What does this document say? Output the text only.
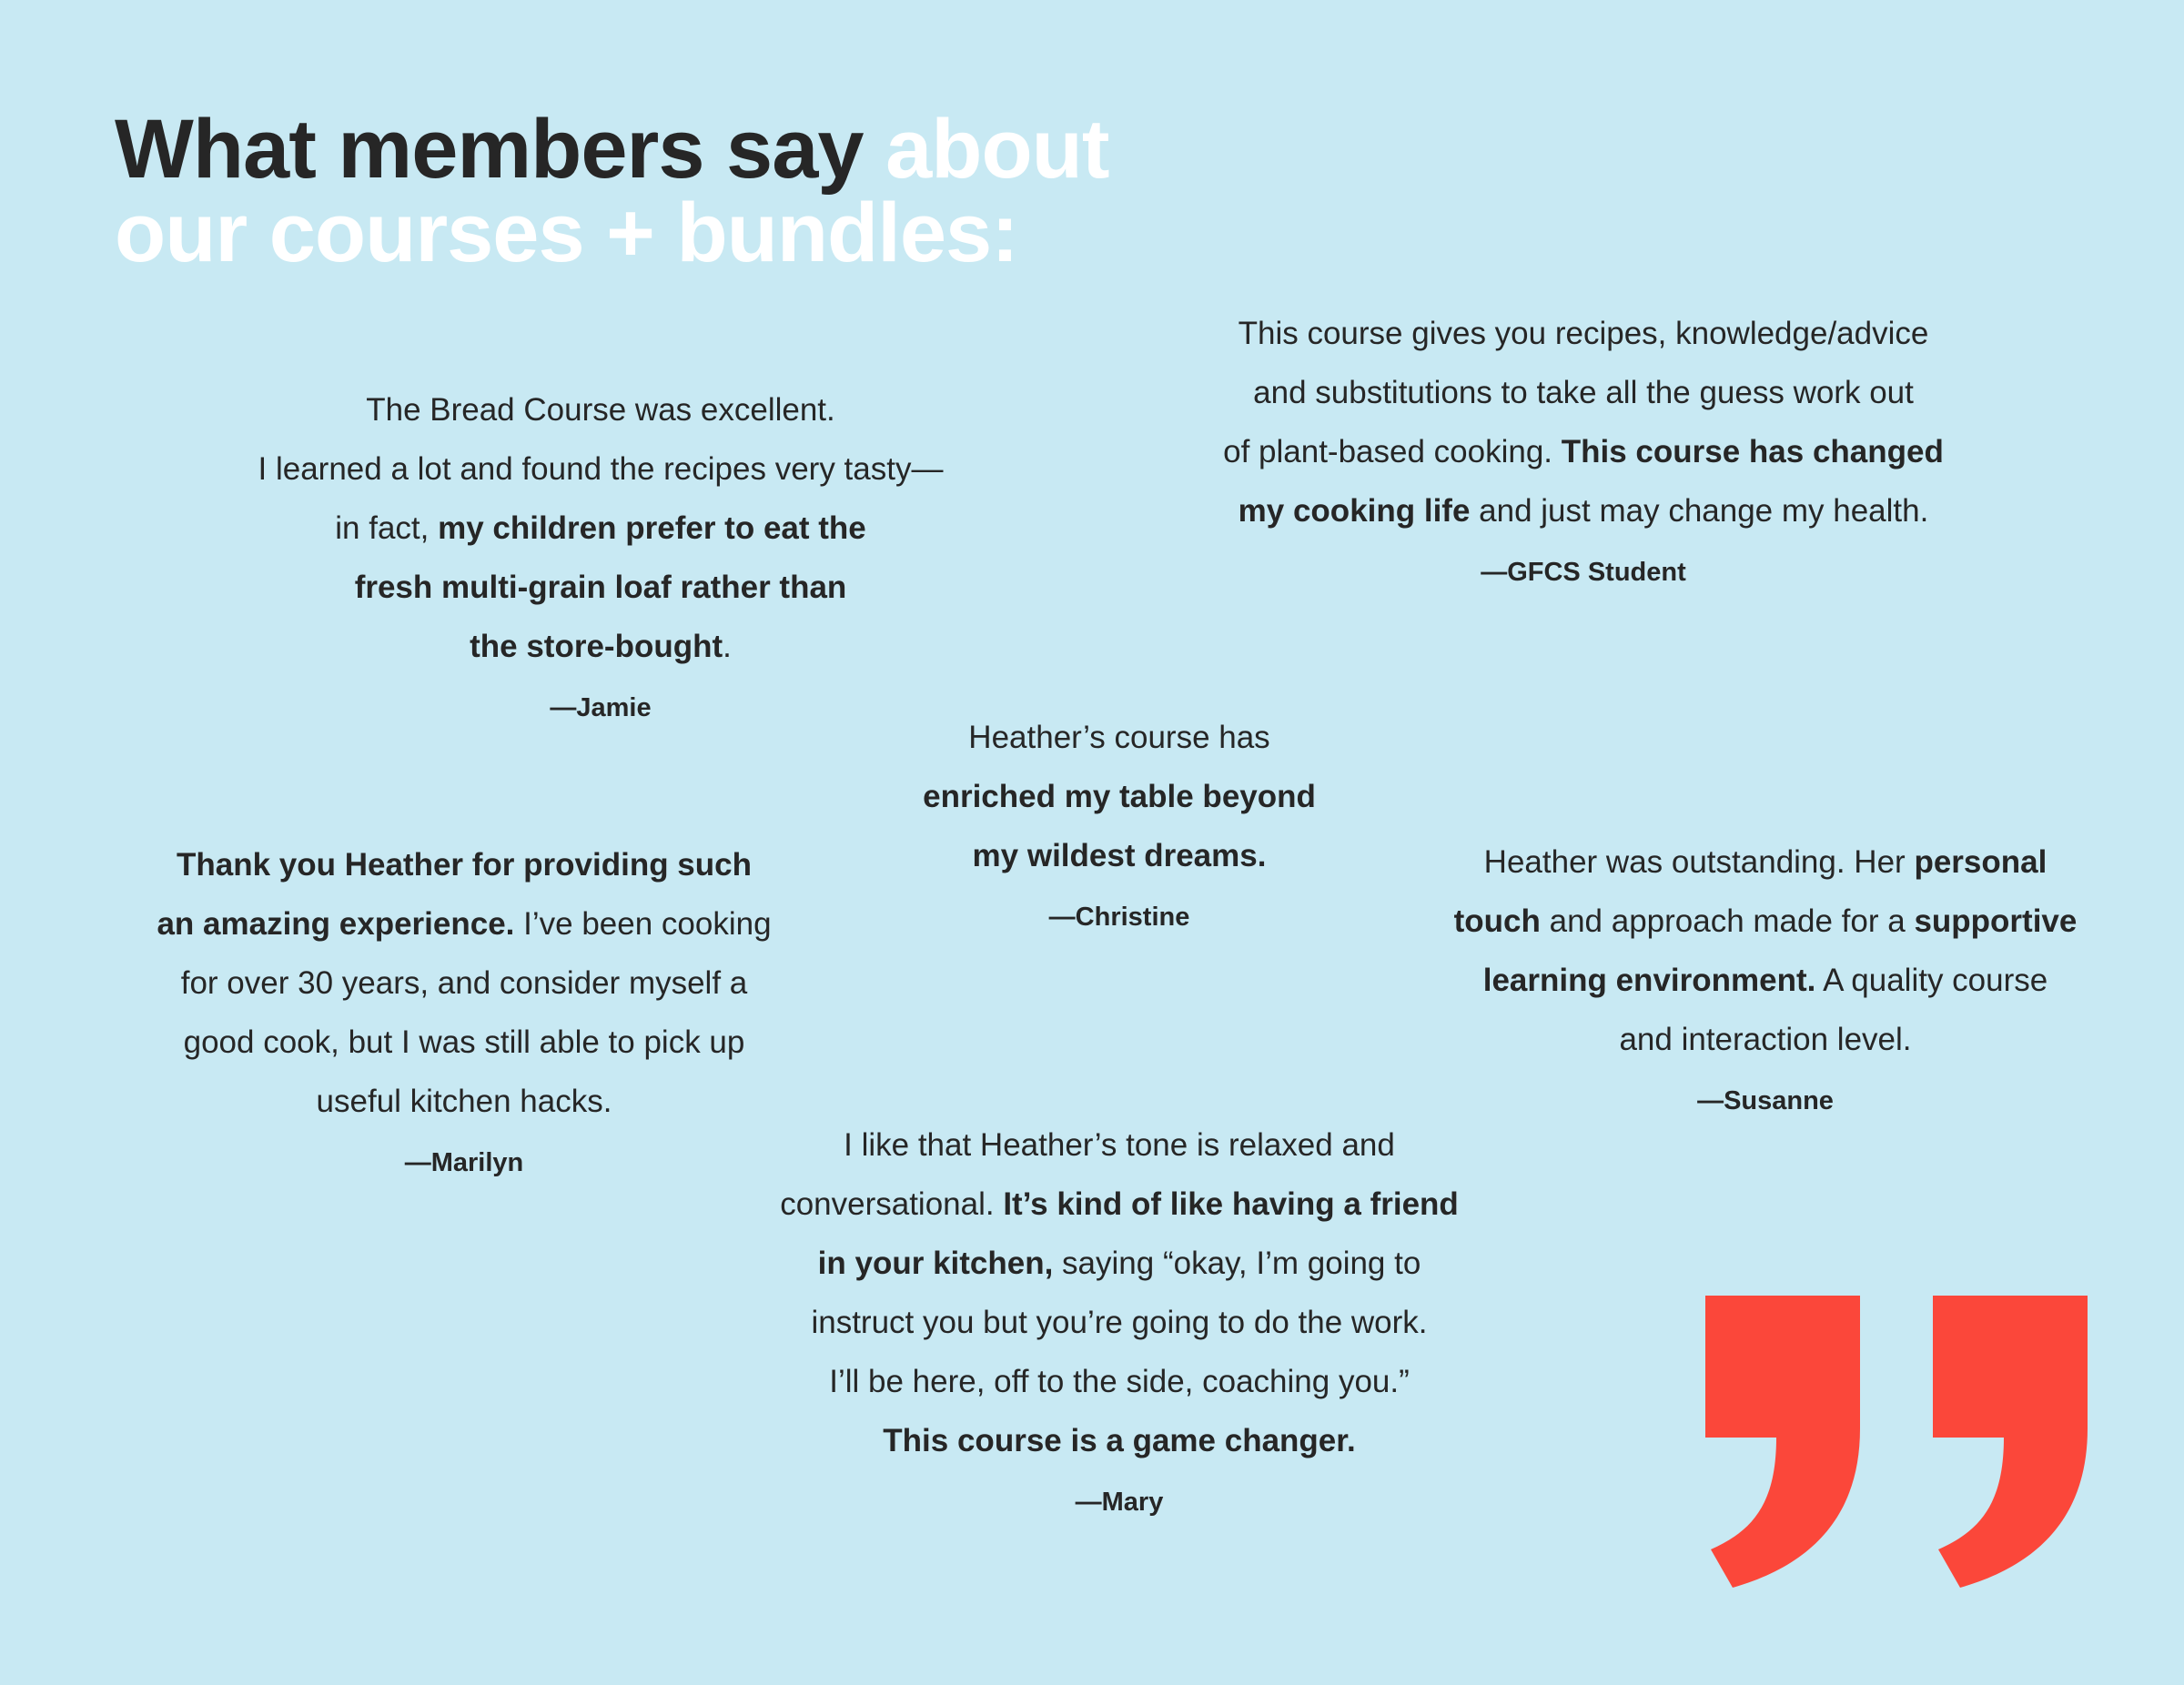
What members say about
our courses + bundles:
The Bread Course was excellent.
I learned a lot and found the recipes very tasty—
in fact, my children prefer to eat the
fresh multi-grain loaf rather than
the store-bought.
—Jamie
This course gives you recipes, knowledge/advice
and substitutions to take all the guess work out
of plant-based cooking. This course has changed
my cooking life and just may change my health.
—GFCS Student
Heather’s course has
enriched my table beyond
my wildest dreams.
—Christine
Thank you Heather for providing such
an amazing experience. I’ve been cooking
for over 30 years, and consider myself a
good cook, but I was still able to pick up
useful kitchen hacks.
—Marilyn
Heather was outstanding. Her personal
touch and approach made for a supportive
learning environment. A quality course
and interaction level.
—Susanne
I like that Heather’s tone is relaxed and
conversational. It’s kind of like having a friend
in your kitchen, saying “okay, I’m going to
instruct you but you’re going to do the work.
I’ll be here, off to the side, coaching you.”
This course is a game changer.
—Mary
